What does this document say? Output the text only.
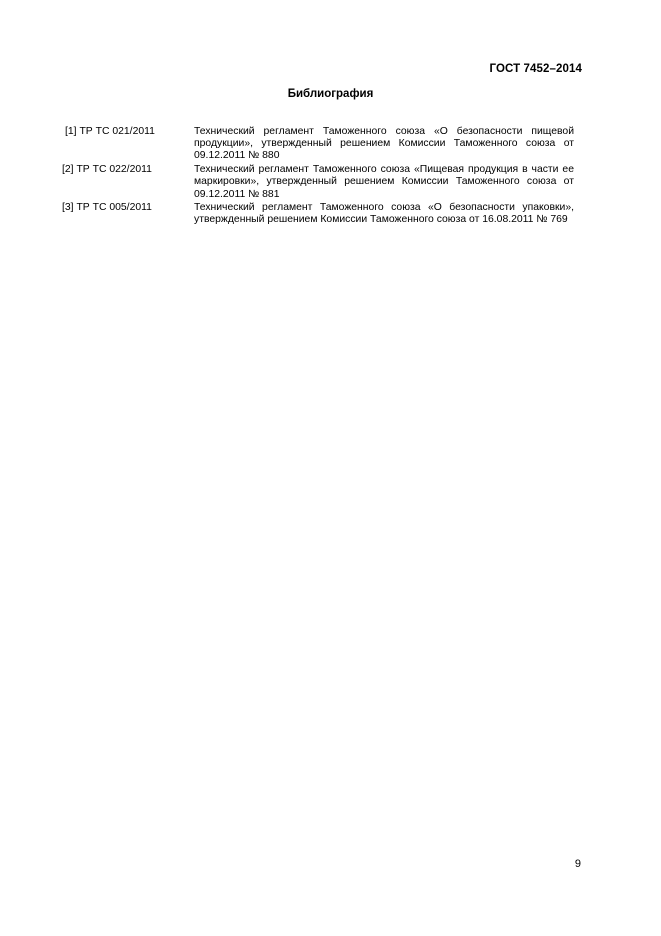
ГОСТ 7452–2014
Библиография
[1] ТР ТС 021/2011	Технический регламент Таможенного союза «О безопасности пищевой продукции», утвержденный решением Комиссии Таможенного союза от 09.12.2011 № 880
[2] ТР ТС 022/2011	Технический регламент Таможенного союза «Пищевая продукция в части ее маркировки», утвержденный решением Комиссии Таможенного союза от 09.12.2011 № 881
[3] ТР ТС 005/2011	Технический регламент Таможенного союза «О безопасности упаковки», утвержденный решением Комиссии Таможенного союза от 16.08.2011 № 769
9
